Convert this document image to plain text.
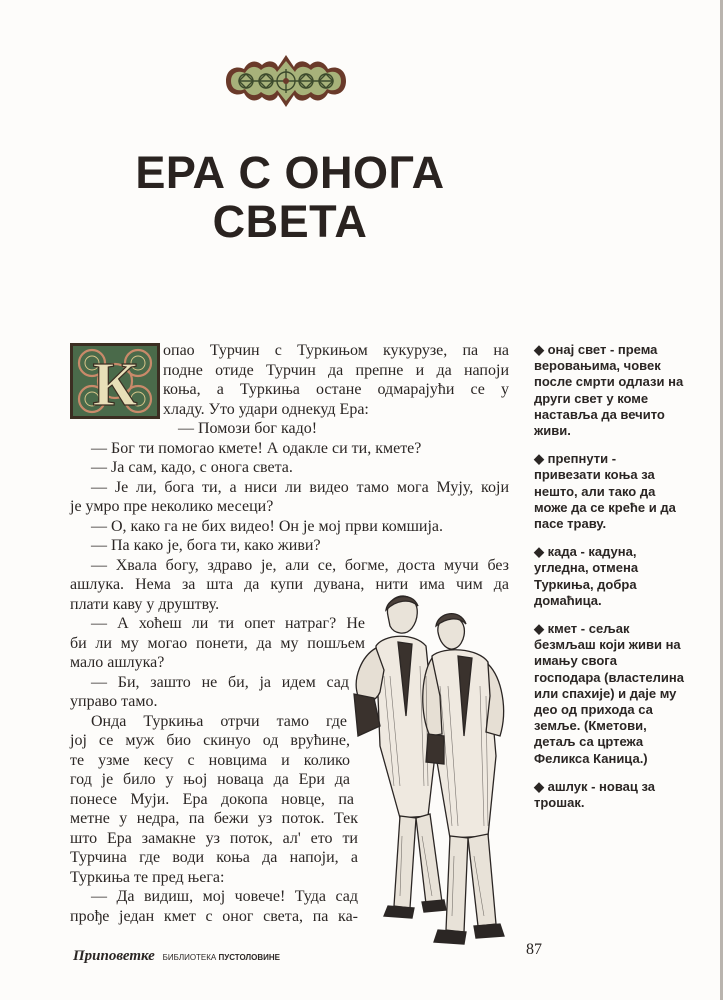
ЕРА С ОНОГА
СВЕТА
К
опао Турчин с Туркињом кукурузе, па на
подне отиде Турчин да препне и да напоји
коња, а Туркиња остане одмарајући се у
хладу. Уто удари однекуд Ера:
— Помози бог кадо!
— Бог ти помогао кмете! А одакле си ти, кмете?
— Ја сам, кадо, с онога света.
— Је ли, бога ти, а ниси ли видео тамо мога Мују, који
је умро пре неколико месеци?
— О, како га не бих видео! Он је мој први комшија.
— Па како је, бога ти, како живи?
— Хвала богу, здраво је, али се, богме, доста мучи без
ашлука. Нема за шта да купи дувана, нити има чим да
плати каву у друштву.
— А хоћеш ли ти опет натраг? Не
би ли му могао понети, да му пошљем
мало ашлука?
— Би, зашто не би, ја идем сад
управо тамо.
Онда Туркиња отрчи тамо где
јој се муж био скинуо од врућине,
те узме кесу с новцима и колико
год је било у њој новаца да Ери да
понесе Муји. Ера докопа новце, па
метне у недра, па бежи уз поток. Тек
што Ера замакне уз поток, ал' ето ти
Турчина где води коња да напоји, а
Туркиња те пред њега:
— Да видиш, мој човече! Туда сад
прође један кмет с оног света, па ка-
◆ онај свет - према веровањима, човек после смрти одлази на други свет у коме наставља да вечито живи.
◆ препнути - привезати коња за нешто, али тако да може да се креће и да пасе траву.
◆ када - кадуна, угледна, отмена Туркиња, добра домаћица.
◆ кмет - сељак безмљаш који живи на имању свога господара (властелина или спахије) и даје му део од прихода са земље. (Кметови, детаљ са цртежа Феликса Каница.)
◆ ашлук - новац за трошак.
Приповетке БИБЛИОТЕКА ПУСТОЛОВИНЕ	87
